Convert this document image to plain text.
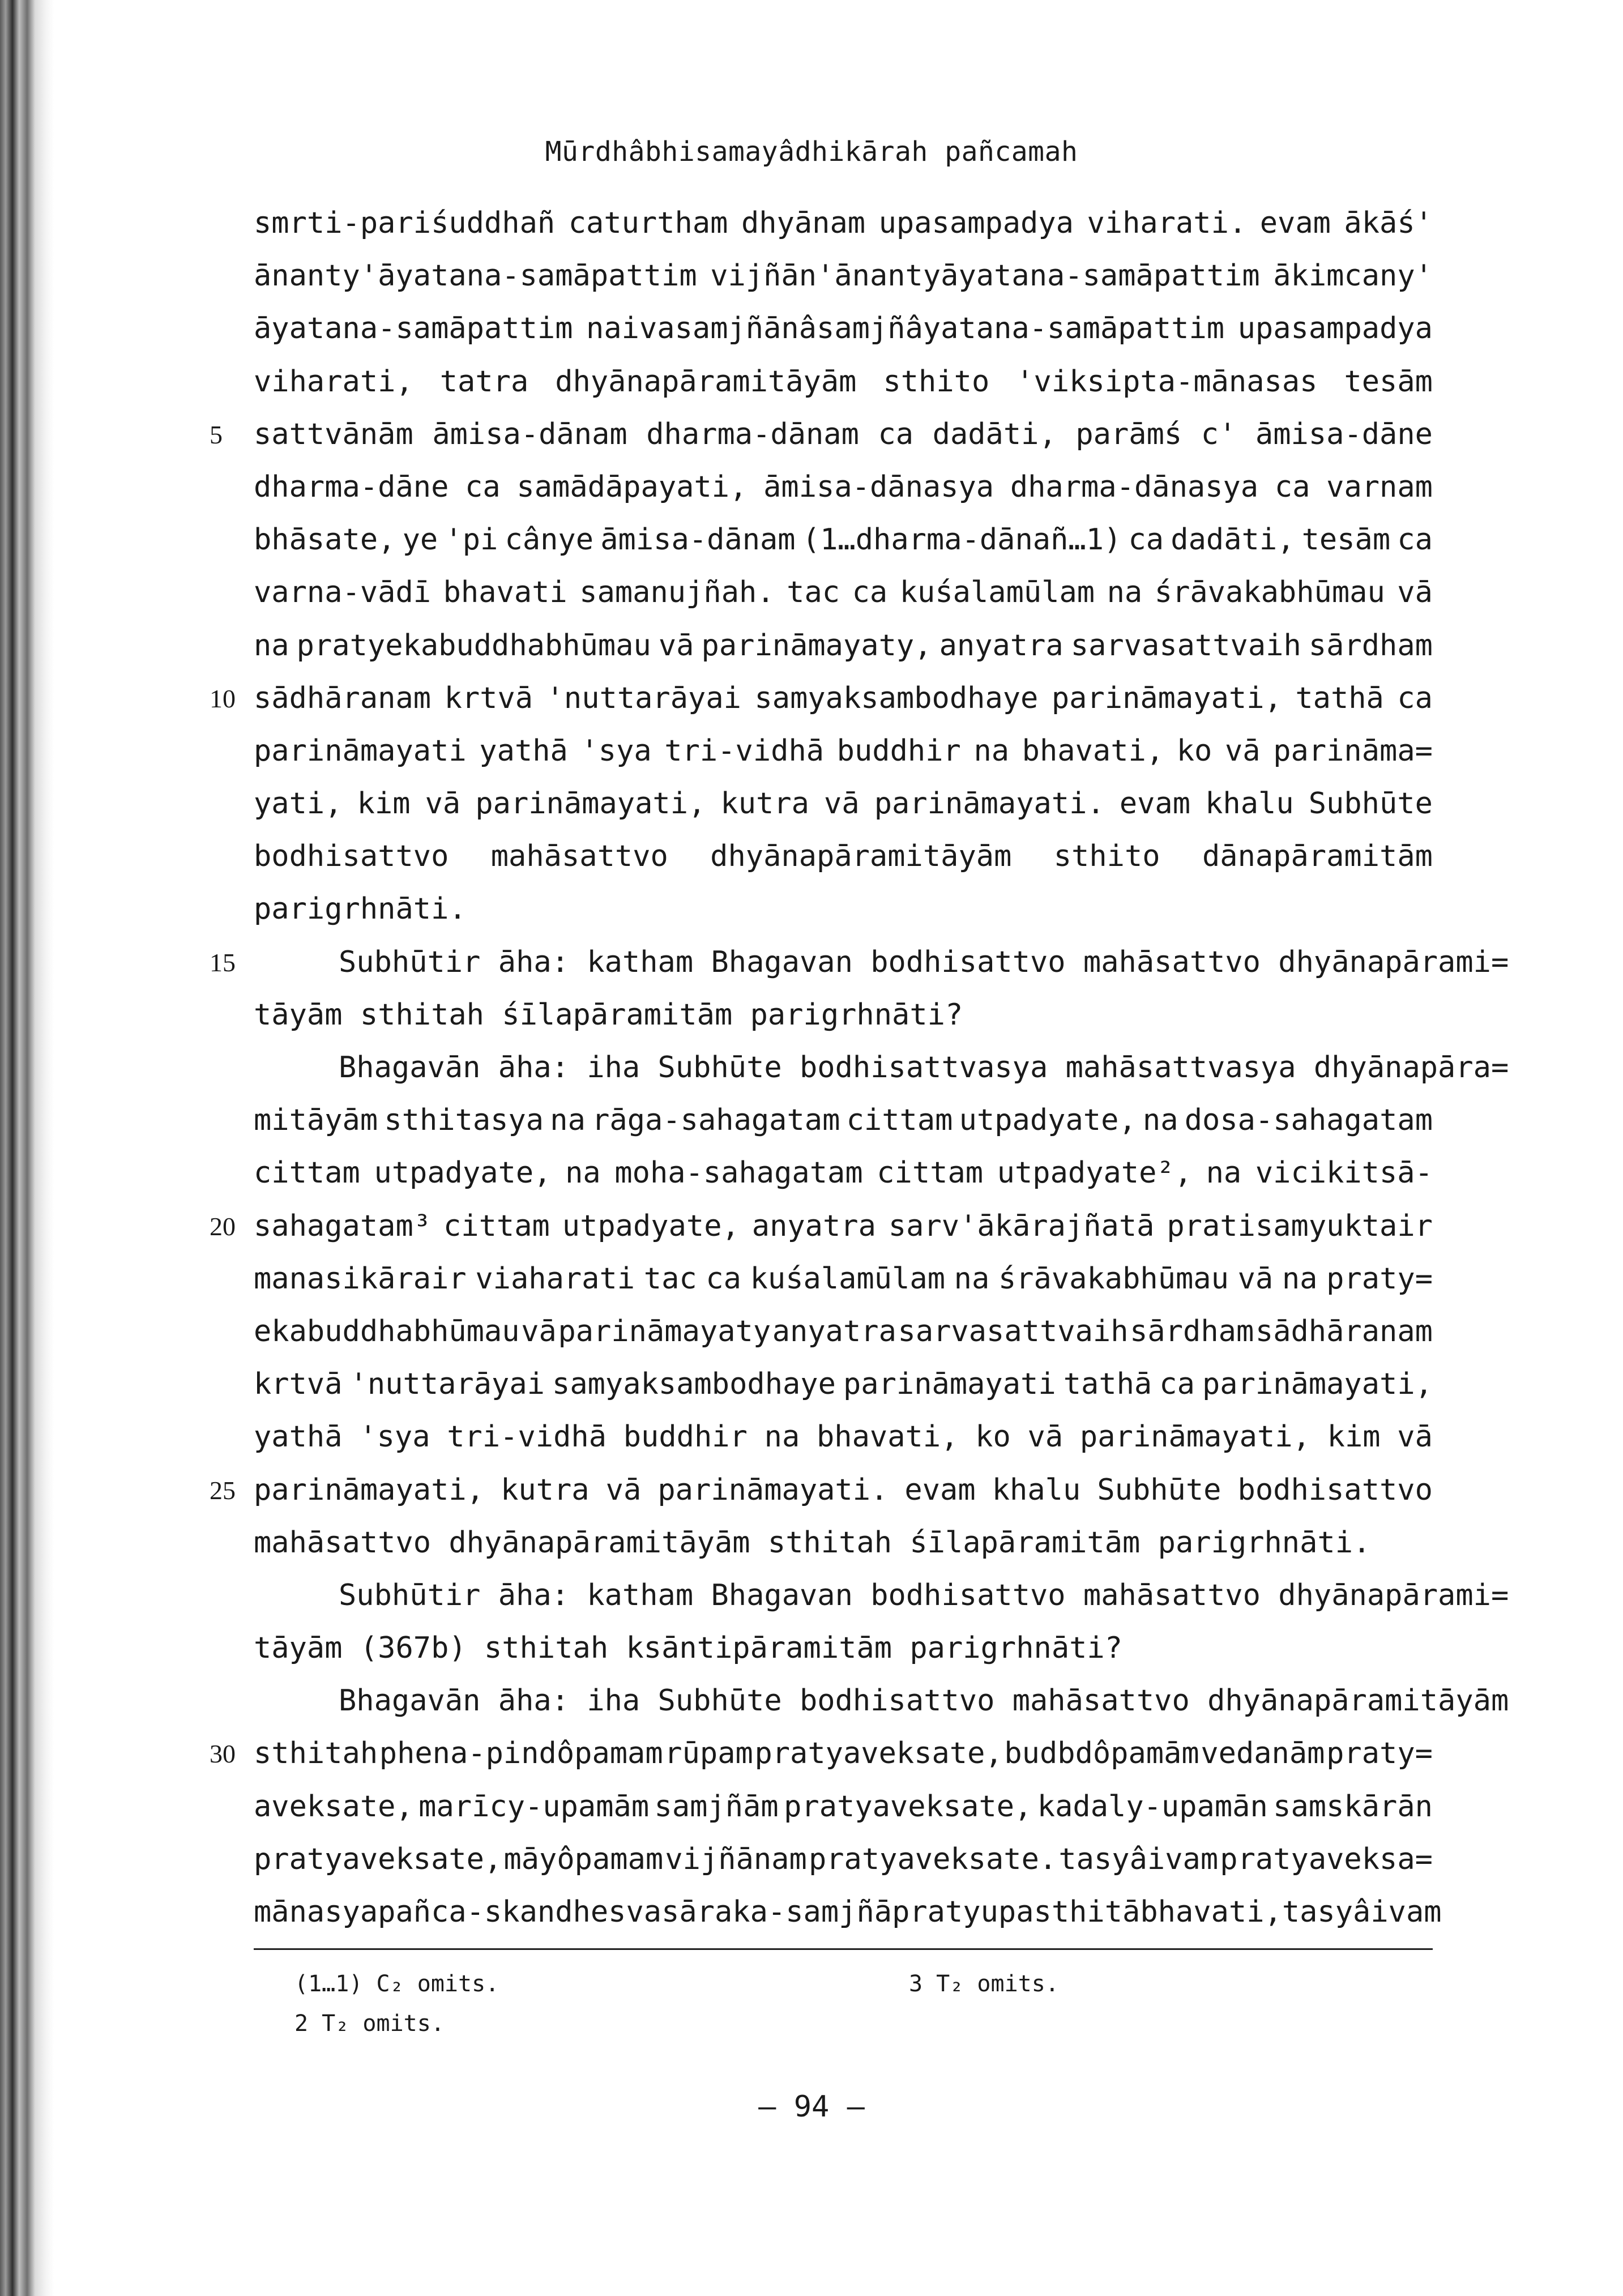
Mūrdhâbhisamayâdhikārah pañcamah
smrti-pariśuddhañ caturtham dhyānam upasampadya viharati. evam ākāś'
ānanty'āyatana-samāpattim vijñān'ānantyāyatana-samāpattim ākimcany'
āyatana-samāpattim naivasamjñānâsamjñâyatana-samāpattim upasampadya
viharati, tatra dhyānapāramitāyām sthito 'viksipta-mānasas tesām
5	sattvānām āmisa-dānam dharma-dānam ca dadāti, parāmś c' āmisa-dāne
dharma-dāne ca samādāpayati, āmisa-dānasya dharma-dānasya ca varnam
bhāsate, ye 'pi cânye āmisa-dānam (1…dharma-dānañ…1) ca dadāti, tesām ca
varna-vādī bhavati samanujñah. tac ca kuśalamūlam na śrāvakabhūmau vā
na pratyekabuddhabhūmau vā parināmayaty, anyatra sarvasattvaih sārdham
10 sādhāranam krtvā 'nuttarāyai samyaksambodhaye parināmayati, tathā ca
parināmayati yathā 'sya tri-vidhā buddhir na bhavati, ko vā parināma=
yati, kim vā parināmayati, kutra vā parināmayati. evam khalu Subhūte
bodhisattvo mahāsattvo dhyānapāramitāyām sthito dānapāramitām
parigrhnāti.
15	Subhūtir āha: katham Bhagavan bodhisattvo mahāsattvo dhyānapārami=
tāyām sthitah śīlapāramitām parigrhnāti?
Bhagavān āha: iha Subhūte bodhisattvasya mahāsattvasya dhyānapāra=
mitāyām sthitasya na rāga-sahagatam cittam utpadyate, na dosa-sahagatam
cittam utpadyate, na moha-sahagatam cittam utpadyate², na vicikitsā-
20 sahagatam³ cittam utpadyate, anyatra sarv'ākārajñatā pratisamyuktair
manasikārair viaharati tac ca kuśalamūlam na śrāvakabhūmau vā na praty=
ekabuddhabhūmau vā parināmayaty anyatra sarvasattvaih sārdham sādhāranam
krtvā 'nuttarāyai samyaksambodhaye parināmayati tathā ca parināmayati,
yathā 'sya tri-vidhā buddhir na bhavati, ko vā parināmayati, kim vā
25 parināmayati, kutra vā parināmayati. evam khalu Subhūte bodhisattvo
mahāsattvo dhyānapāramitāyām sthitah śīlapāramitām parigrhnāti.
Subhūtir āha: katham Bhagavan bodhisattvo mahāsattvo dhyānapārami=
tāyām (367b) sthitah ksāntipāramitām parigrhnāti?
Bhagavān āha: iha Subhūte bodhisattvo mahāsattvo dhyānapāramitāyām
30 sthitah phena-pindôpamam rūpam pratyaveksate, budbdôpamām vedanām praty=
aveksate, marīcy-upamām samjñām pratyaveksate, kadaly-upamān samskārān
pratyaveksate, māyôpamam vijñānam pratyaveksate. tasyâivam pratyaveksa=
mānasya pañca-skandhesv asāraka-samjñā pratyupasthitā bhavati, tasyâivam
(1…1) C₂ omits.	3 T₂ omits.
2 T₂ omits.
— 94 —
